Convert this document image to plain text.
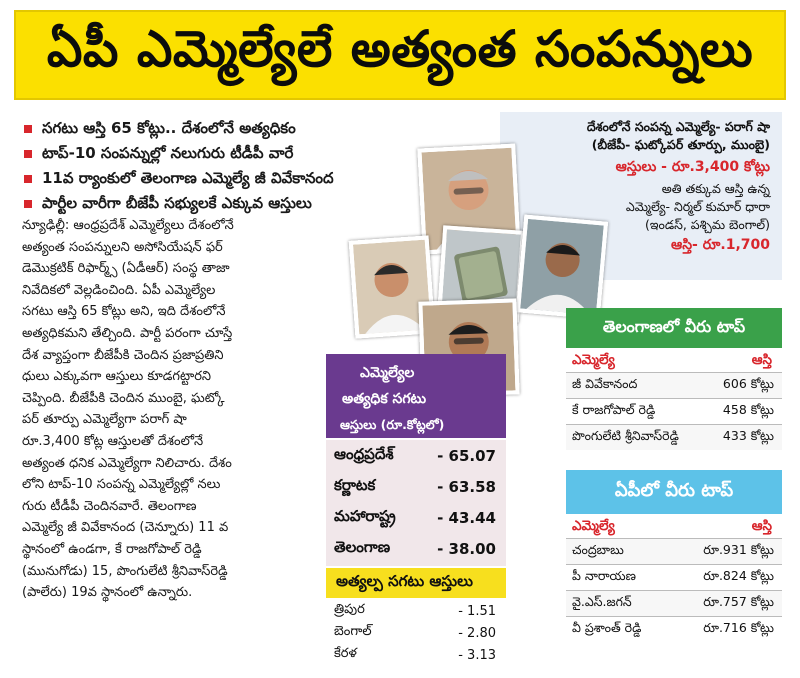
ఏపీ ఎమ్మెల్యేలే అత్యంత సంపన్నులు
సగటు ఆస్తి 65 కోట్లు.. దేశంలోనే అత్యధికం
టాప్-10 సంపన్నుల్లో నలుగురు టీడీపీ వారే
11వ ర్యాంకులో తెలంగాణ ఎమ్మెల్యే జీ వివేకానంద
పార్టీల వారీగా బీజేపీ సభ్యులకే ఎక్కువ ఆస్తులు
న్యూఢిల్లీ: ఆంధ్రప్రదేశ్ ఎమ్మెల్యేలు దేశంలోనే
అత్యంత సంపన్నులని అసోసియేషన్ ఫర్
డెమొక్రటిక్ రిఫార్మ్స్ (ఏడీఆర్) సంస్థ తాజా
నివేదికలో వెల్లడించింది. ఏపీ ఎమ్మెల్యేల
సగటు ఆస్తి 65 కోట్లు అని, ఇది దేశంలోనే
అత్యధికమని తేల్చింది. పార్టీ పరంగా చూస్తే
దేశ వ్యాప్తంగా బీజేపీకి చెందిన ప్రజాప్రతిని
ధులు ఎక్కువగా ఆస్తులు కూడగట్టారని
చెప్పింది. బీజేపీకి చెందిన ముంబై, ఘట్కో
పర్ తూర్పు ఎమ్మెల్యేగా పరాగ్ షా
రూ.3,400 కోట్ల ఆస్తులతో దేశంలోనే
అత్యంత ధనిక ఎమ్మెల్యేగా నిలిచారు. దేశం
లోని టాప్-10 సంపన్న ఎమ్మెల్యేల్లో నలు
గురు టీడీపీ చెందినవారే. తెలంగాణ
ఎమ్మెల్యే జీ వివేకానంద (చెన్నూరు) 11 వ
స్థానంలో ఉండగా, కే రాజగోపాల్ రెడ్డి
(మునుగోడు) 15, పొంగులేటి శ్రీనివాస్‌రెడ్డి
(పాలేరు) 19వ స్థానంలో ఉన్నారు.
దేశంలోనే సంపన్న ఎమ్మెల్యే- పరాగ్ షా
(బీజేపీ- ఘట్కోపర్ తూర్పు, ముంబై)
ఆస్తులు - రూ.3,400 కోట్లు
అతి తక్కువ ఆస్తి ఉన్న
ఎమ్మెల్యే- నిర్మల్ కుమార్ ధారా
(ఇండస్, పశ్చిమ బెంగాల్)
ఆస్తి- రూ.1,700
ఎమ్మెల్యేల
అత్యధిక సగటు
ఆస్తులు (రూ.కోట్లలో)
ఆంధ్రప్రదేశ్	- 65.07
కర్ణాటక	- 63.58
మహారాష్ట్ర	- 43.44
తెలంగాణ	- 38.00
అత్యల్ప సగటు ఆస్తులు
త్రిపుర	- 1.51
బెంగాల్	- 2.80
కేరళ	- 3.13
తెలంగాణలో వీరు టాప్
ఎమ్మెల్యే	ఆస్తి
జీ వివేకానంద	606 కోట్లు
కే రాజగోపాల్ రెడ్డి	458 కోట్లు
పొంగులేటి శ్రీనివాస్‌రెడ్డి	433 కోట్లు
ఏపీలో వీరు టాప్
ఎమ్మెల్యే	ఆస్తి
చంద్రబాబు	రూ.931 కోట్లు
పీ నారాయణ	రూ.824 కోట్లు
వై.ఎస్.జగన్	రూ.757 కోట్లు
వీ ప్రశాంత్ రెడ్డి	రూ.716 కోట్లు
